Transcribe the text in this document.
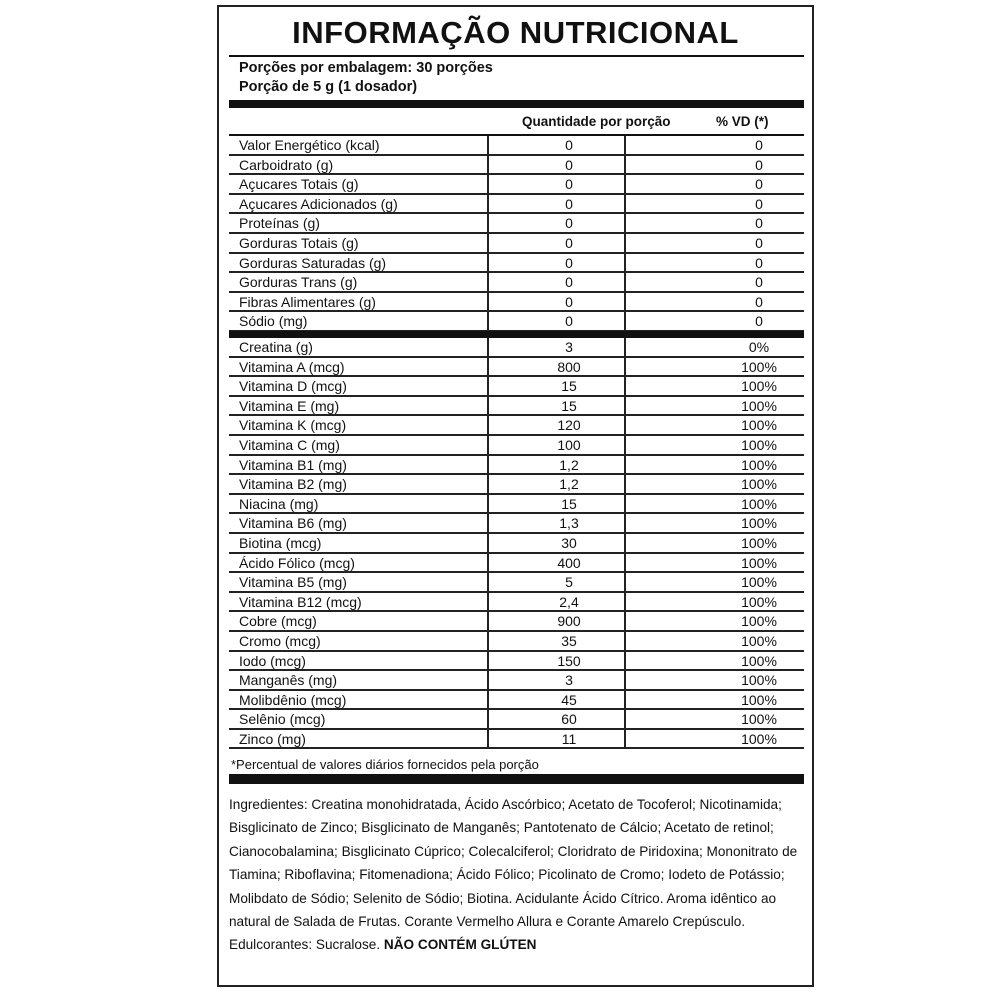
INFORMAÇÃO NUTRICIONAL
Porções por embalagem: 30 porções
Porção de 5 g (1 dosador)
Quantidade por porção	% VD (*)
Valor Energético (kcal)	0	0
Carboidrato (g)	0	0
Açucares Totais (g)	0	0
Açucares Adicionados (g)	0	0
Proteínas (g)	0	0
Gorduras Totais (g)	0	0
Gorduras Saturadas (g)	0	0
Gorduras Trans (g)	0	0
Fibras Alimentares (g)	0	0
Sódio (mg)	0	0
Creatina (g)	3	0%
Vitamina A (mcg)	800	100%
Vitamina D (mcg)	15	100%
Vitamina E (mg)	15	100%
Vitamina K (mcg)	120	100%
Vitamina C (mg)	100	100%
Vitamina B1 (mg)	1,2	100%
Vitamina B2 (mg)	1,2	100%
Niacina (mg)	15	100%
Vitamina B6 (mg)	1,3	100%
Biotina (mcg)	30	100%
Ácido Fólico (mcg)	400	100%
Vitamina B5 (mg)	5	100%
Vitamina B12 (mcg)	2,4	100%
Cobre (mcg)	900	100%
Cromo (mcg)	35	100%
Iodo (mcg)	150	100%
Manganês (mg)	3	100%
Molibdênio (mcg)	45	100%
Selênio (mcg)	60	100%
Zinco (mg)	11	100%
*Percentual de valores diários fornecidos pela porção
Ingredientes: Creatina monohidratada, Ácido Ascórbico; Acetato de Tocoferol; Nicotinamida; Bisglicinato de Zinco; Bisglicinato de Manganês; Pantotenato de Cálcio; Acetato de retinol; Cianocobalamina; Bisglicinato Cúprico; Colecalciferol; Cloridrato de Piridoxina; Mononitrato de Tiamina; Riboflavina; Fitomenadiona; Ácido Fólico; Picolinato de Cromo; Iodeto de Potássio; Molibdato de Sódio; Selenito de Sódio; Biotina. Acidulante Ácido Cítrico. Aroma idêntico ao natural de Salada de Frutas. Corante Vermelho Allura e Corante Amarelo Crepúsculo. Edulcorantes: Sucralose. NÃO CONTÉM GLÚTEN
